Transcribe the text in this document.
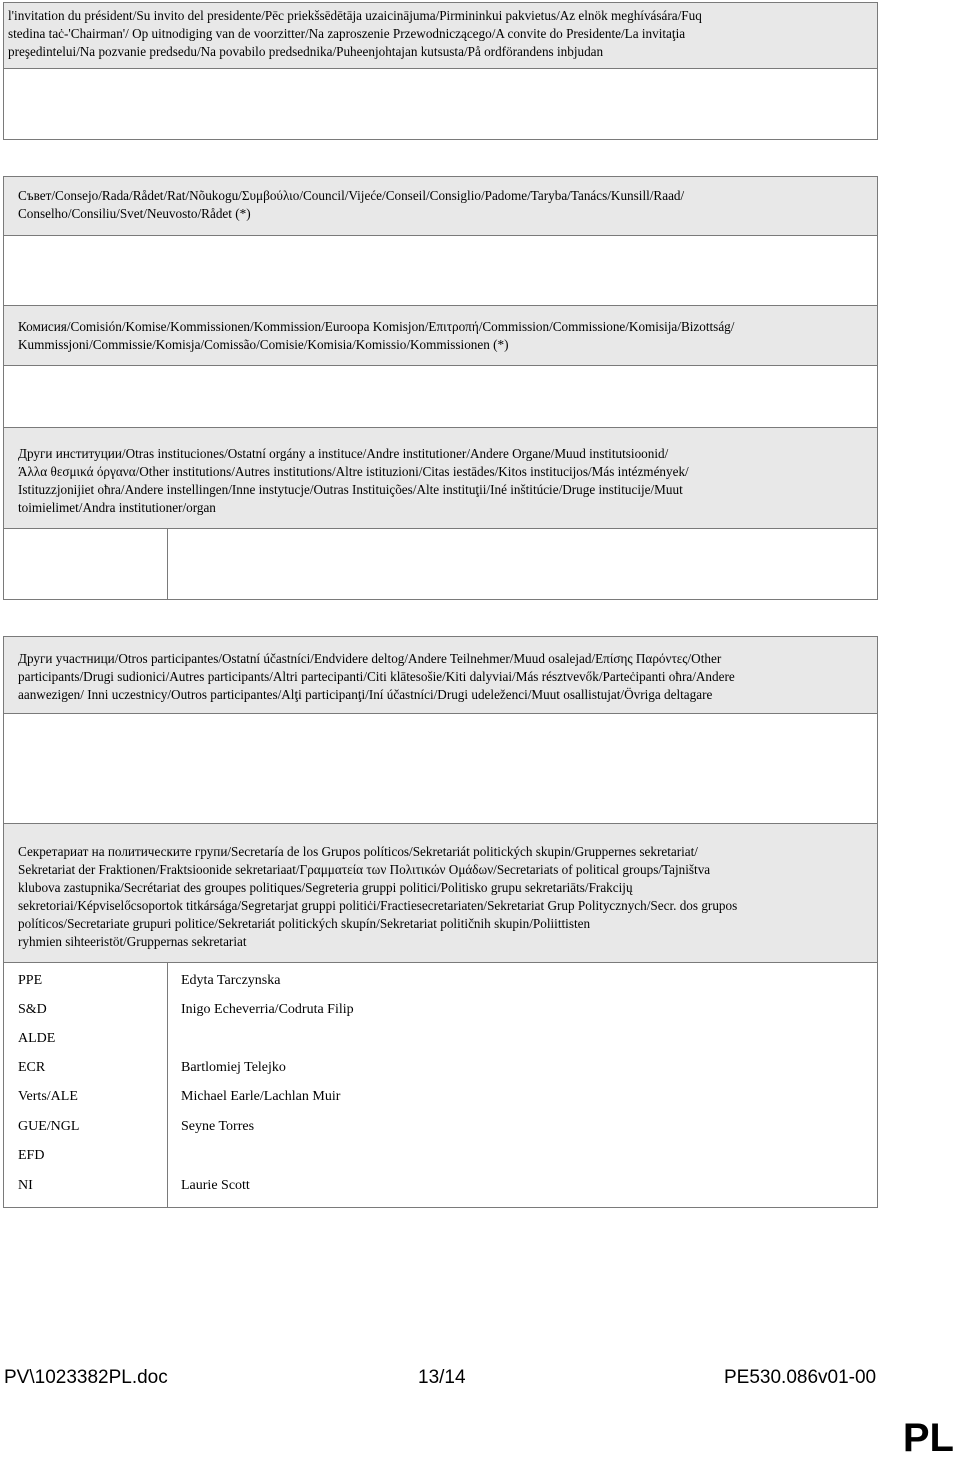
l'invitation du président/Su invito del presidente/Pēc priekšsēdētāja uzaicinājuma/Pirmininkui pakvietus/Az elnök meghívására/Fuq
stedina taċ-'Chairman'/ Op uitnodiging van de voorzitter/Na zaproszenie Przewodniczącego/A convite do Presidente/La invitaţia
preşedintelui/Na pozvanie predsedu/Na povabilo predsednika/Puheenjohtajan kutsusta/På ordförandens inbjudan
Съвет/Consejo/Rada/Rådet/Rat/Nõukogu/Συμβούλιο/Council/Vijeće/Conseil/Consiglio/Padome/Taryba/Tanács/Kunsill/Raad/
Conselho/Consiliu/Svet/Neuvosto/Rådet (*)
Комисия/Comisión/Komise/Kommissionen/Kommission/Euroopa Komisjon/Επιτροπή/Commission/Commissione/Komisija/Bizottság/
Kummissjoni/Commissie/Komisja/Comissão/Comisie/Komisia/Komissio/Kommissionen (*)
Други институции/Otras instituciones/Ostatní orgány a instituce/Andre institutioner/Andere Organe/Muud institutsioonid/
Άλλα θεσμικά όργανα/Other institutions/Autres institutions/Altre istituzioni/Citas iestādes/Kitos institucijos/Más intézmények/
Istituzzjonijiet oħra/Andere instellingen/Inne instytucje/Outras Instituições/Alte instituţii/Iné inštitúcie/Druge institucije/Muut
toimielimet/Andra institutioner/organ
Други участници/Otros participantes/Ostatní účastníci/Endvidere deltog/Andere Teilnehmer/Muud osalejad/Επίσης Παρόντες/Other
participants/Drugi sudionici/Autres participants/Altri partecipanti/Citi klātesošie/Kiti dalyviai/Más résztvevők/Parteċipanti oħra/Andere
aanwezigen/ Inni uczestnicy/Outros participantes/Alţi participanţi/Iní účastníci/Drugi udeleženci/Muut osallistujat/Övriga deltagare
Секретариат на политическите групи/Secretaría de los Grupos políticos/Sekretariát politických skupin/Gruppernes sekretariat/
Sekretariat der Fraktionen/Fraktsioonide sekretariaat/Γραμματεία των Πολιτικών Ομάδων/Secretariats of political groups/Tajništva
klubova zastupnika/Secrétariat des groupes politiques/Segreteria gruppi politici/Politisko grupu sekretariāts/Frakcijų
sekretoriai/Képviselőcsoportok titkársága/Segretarjat gruppi politiċi/Fractiesecretariaten/Sekretariat Grup Politycznych/Secr. dos grupos
políticos/Secretariate grupuri politice/Sekretariát politických skupín/Sekretariat političnih skupin/Poliittisten
ryhmien sihteeristöt/Gruppernas sekretariat
PPE	Edyta Tarczynska
S&D	Inigo Echeverria/Codruta Filip
ALDE
ECR	Bartlomiej Telejko
Verts/ALE	Michael Earle/Lachlan Muir
GUE/NGL	Seyne Torres
EFD
NI	Laurie Scott
PV\1023382PL.doc	13/14	PE530.086v01-00
PL
